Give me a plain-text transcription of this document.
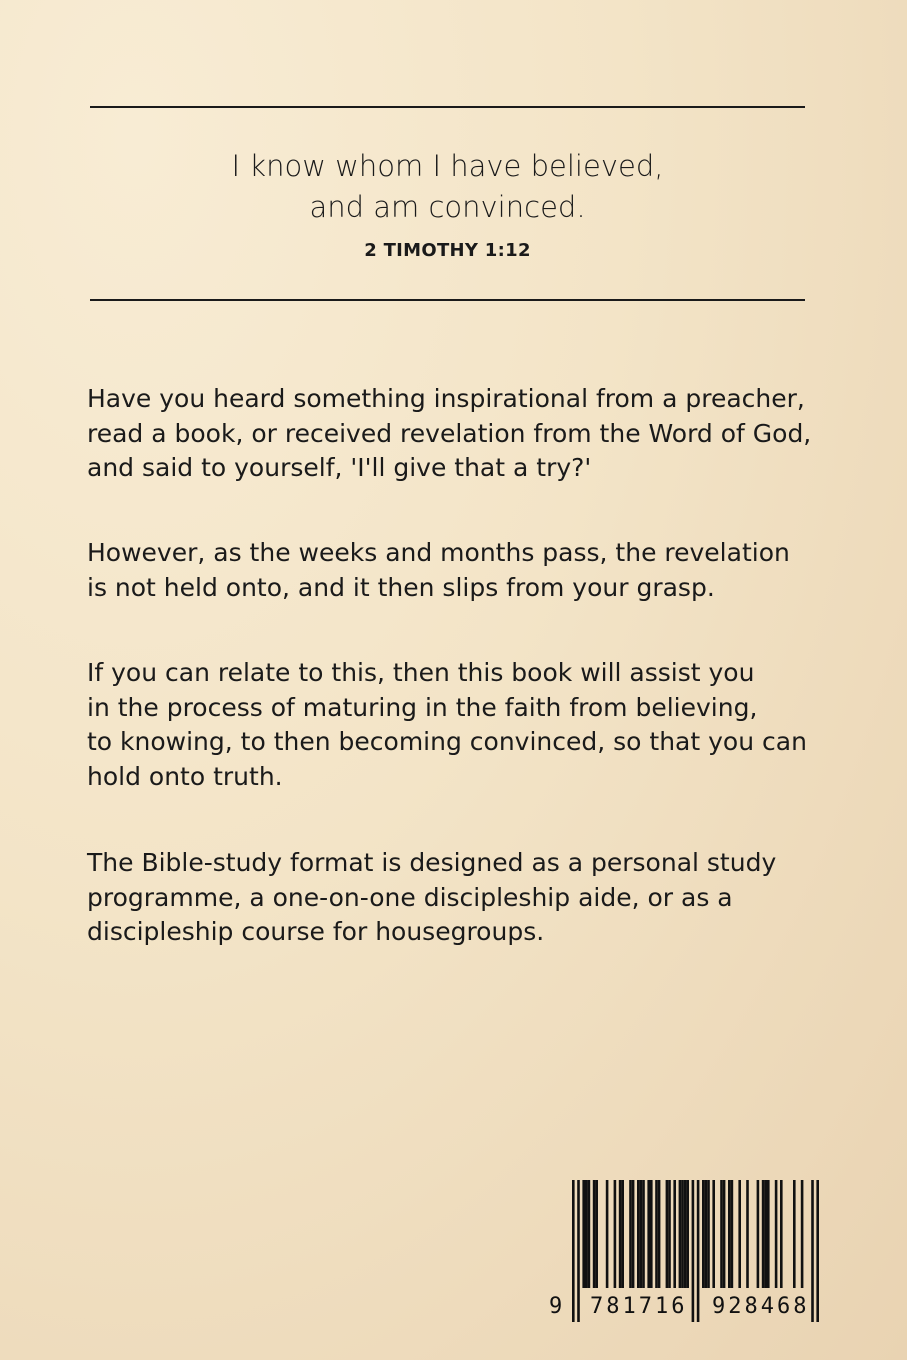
I know whom I have believed,
and am convinced.
2 TIMOTHY 1:12
Have you heard something inspirational from a preacher,
read a book, or received revelation from the Word of God,
and said to yourself, 'I'll give that a try?'
However, as the weeks and months pass, the revelation
is not held onto, and it then slips from your grasp.
If you can relate to this, then this book will assist you
in the process of maturing in the faith from believing,
to knowing, to then becoming convinced, so that you can
hold onto truth.
The Bible-study format is designed as a personal study
programme, a one-on-one discipleship aide, or as a
discipleship course for housegroups.
9 781716 928468
